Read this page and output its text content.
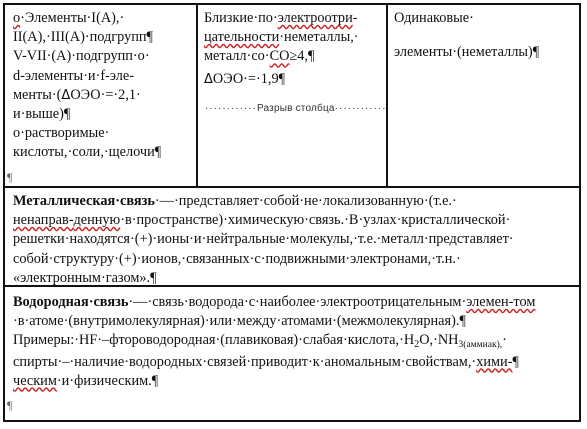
о·Элементы·I(A),·
II(A),·III(A)·подгрупп¶
V-VII·(A)·подгрупп·о·
d-элементы·и·f-эле-
менты·(ΔОЭО·=·2,1·
и·выше)¶
о·растворимые·
кислоты,·соли,·щелочи¶
¶
Близкие·по·электроотри-
цательности·неметаллы,·
металл·со·СО≥4,¶
ΔОЭО·=·1,9¶
············Разрыв столбца············
Одинаковые·
элементы·(неметаллы)¶
Металлическая·связь·—·представляет·собой·не·локализованную·(т.е.·
ненаправ-денную·в·пространстве)·химическую·связь.·В·узлах·кристаллической·
решетки·находятся·(+)·ионы·и·нейтральные·молекулы,·т.е.·металл·представляет·
собой·структуру·(+)·ионов,·связанных·с·подвижными·электронами,·т.н.·
«электронным·газом».¶
Водородная·связь·—·связь·водорода·с·наиболее·электроотрицательным·элемен-том
·в·атоме·(внутримолекулярная)·или·между·атомами·(межмолекулярная).¶
$Примеры:\cdot HF\cdot-фтороводородная\cdot(плавиковая)\cdot слабая\cdot кислота,\cdot H_2O,\cdot NH_{3(аммиак),}\cdot$
спирты·–·наличие·водородных·связей·приводит·к·аномальным·свойствам,·хими-¶
ческим·и·физическим.¶
¶
